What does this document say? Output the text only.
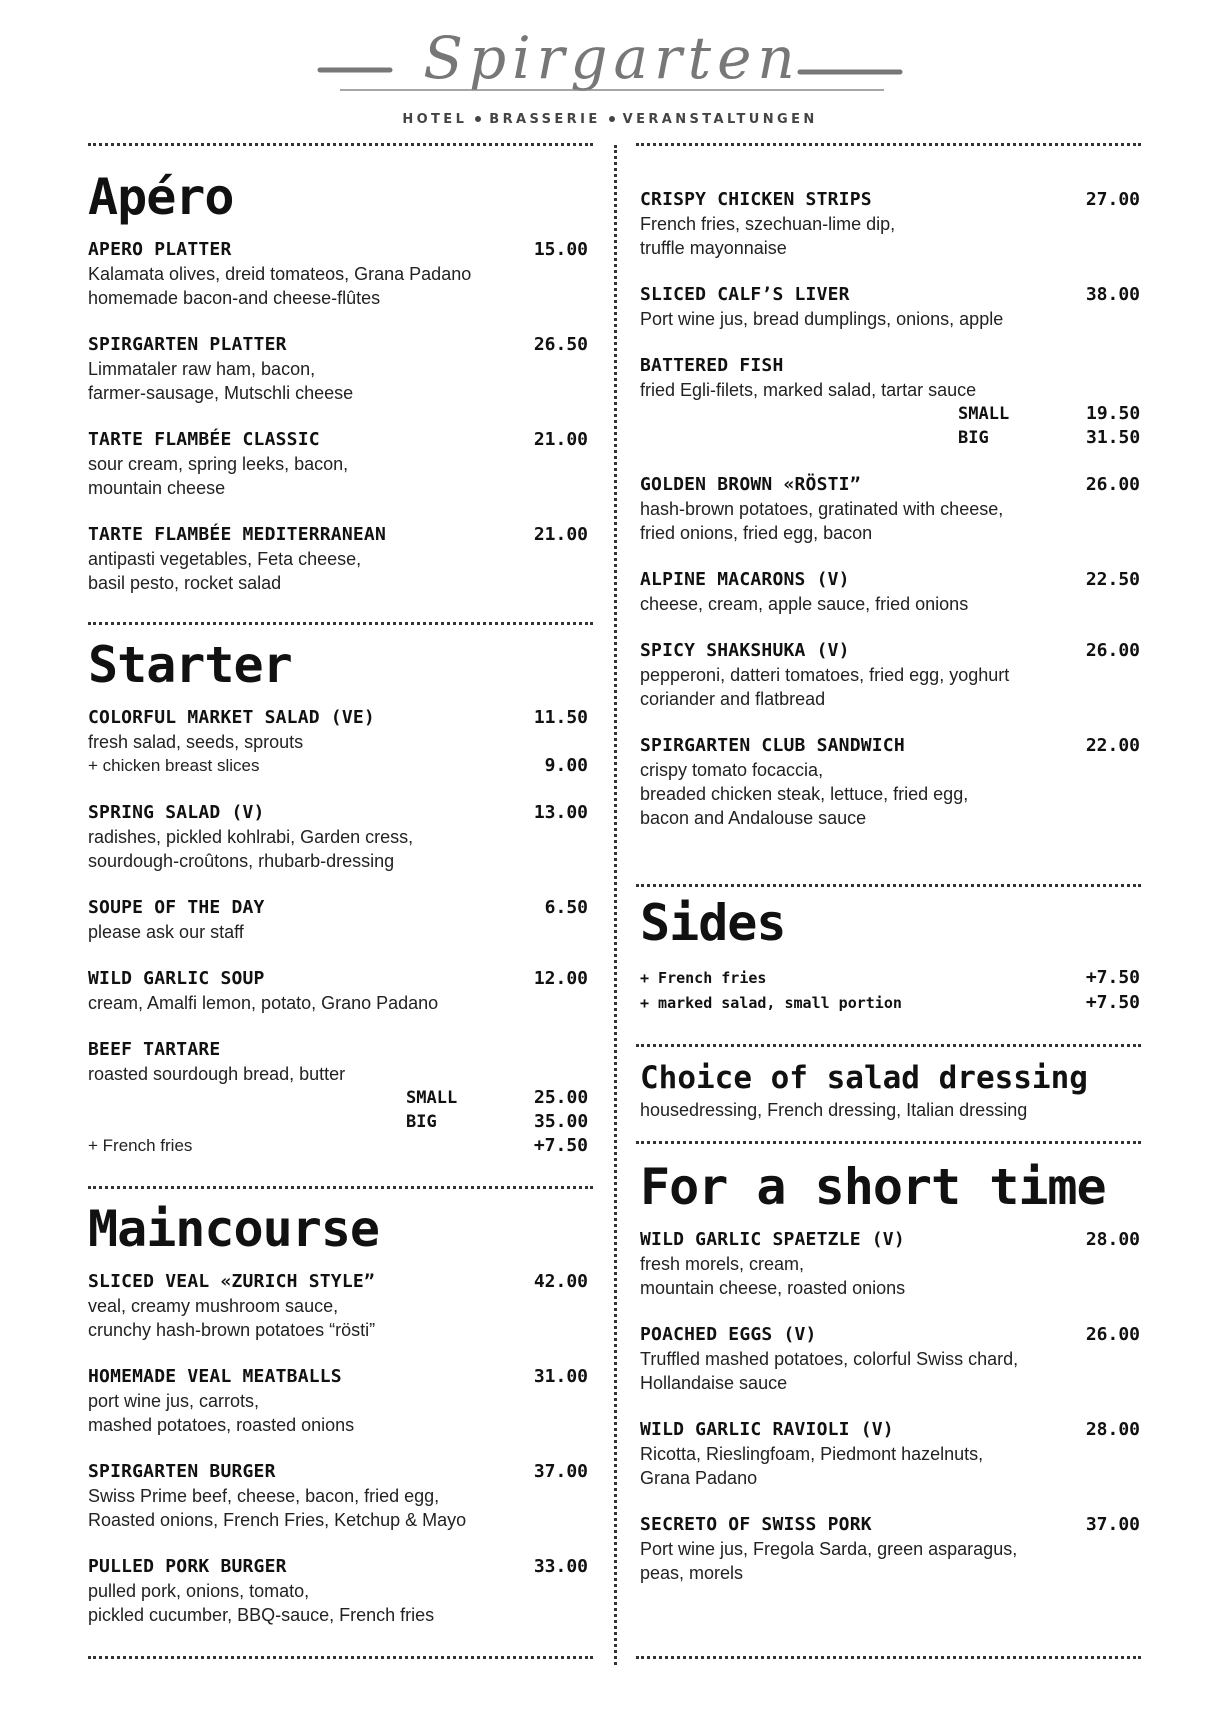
Spirgarten
HOTEL BRASSERIE VERANSTALTUNGEN
Apéro
APERO PLATTER	15.00
Kalamata olives, dreid tomateos, Grana Padano
homemade bacon-and cheese-flûtes
SPIRGARTEN PLATTER	26.50
Limmataler raw ham, bacon,
farmer-sausage, Mutschli cheese
TARTE FLAMBÉE CLASSIC	21.00
sour cream, spring leeks, bacon,
mountain cheese
TARTE FLAMBÉE MEDITERRANEAN	21.00
antipasti vegetables, Feta cheese,
basil pesto, rocket salad
Starter
COLORFUL MARKET SALAD (VE)	11.50
fresh salad, seeds, sprouts
+ chicken breast slices	9.00
SPRING SALAD (V)	13.00
radishes, pickled kohlrabi, Garden cress,
sourdough-croûtons, rhubarb-dressing
SOUPE OF THE DAY	6.50
please ask our staff
WILD GARLIC SOUP	12.00
cream, Amalfi lemon, potato, Grano Padano
BEEF TARTARE
roasted sourdough bread, butter
SMALL	25.00
BIG	35.00
+ French fries	+7.50
Maincourse
SLICED VEAL «ZURICH STYLE”	42.00
veal, creamy mushroom sauce,
crunchy hash-brown potatoes “rösti”
HOMEMADE VEAL MEATBALLS	31.00
port wine jus, carrots,
mashed potatoes, roasted onions
SPIRGARTEN BURGER	37.00
Swiss Prime beef, cheese, bacon, fried egg,
Roasted onions, French Fries, Ketchup & Mayo
PULLED PORK BURGER	33.00
pulled pork, onions, tomato,
pickled cucumber, BBQ-sauce, French fries
CRISPY CHICKEN STRIPS	27.00
French fries, szechuan-lime dip,
truffle mayonnaise
SLICED CALF’S LIVER	38.00
Port wine jus, bread dumplings, onions, apple
BATTERED FISH
fried Egli-filets, marked salad, tartar sauce
SMALL	19.50
BIG	31.50
GOLDEN BROWN «RÖSTI”	26.00
hash-brown potatoes, gratinated with cheese,
fried onions, fried egg, bacon
ALPINE MACARONS (V)	22.50
cheese, cream, apple sauce, fried onions
SPICY SHAKSHUKA (V)	26.00
pepperoni, datteri tomatoes, fried egg, yoghurt
coriander and flatbread
SPIRGARTEN CLUB SANDWICH	22.00
crispy tomato focaccia,
breaded chicken steak, lettuce, fried egg,
bacon and Andalouse sauce
Sides
+ French fries	+7.50
+ marked salad, small portion	+7.50
Choice of salad dressing
housedressing, French dressing, Italian dressing
For a short time
WILD GARLIC SPAETZLE (V)	28.00
fresh morels, cream,
mountain cheese, roasted onions
POACHED EGGS (V)	26.00
Truffled mashed potatoes, colorful Swiss chard,
Hollandaise sauce
WILD GARLIC RAVIOLI (V)	28.00
Ricotta, Rieslingfoam, Piedmont hazelnuts,
Grana Padano
SECRETO OF SWISS PORK	37.00
Port wine jus, Fregola Sarda, green asparagus,
peas, morels
